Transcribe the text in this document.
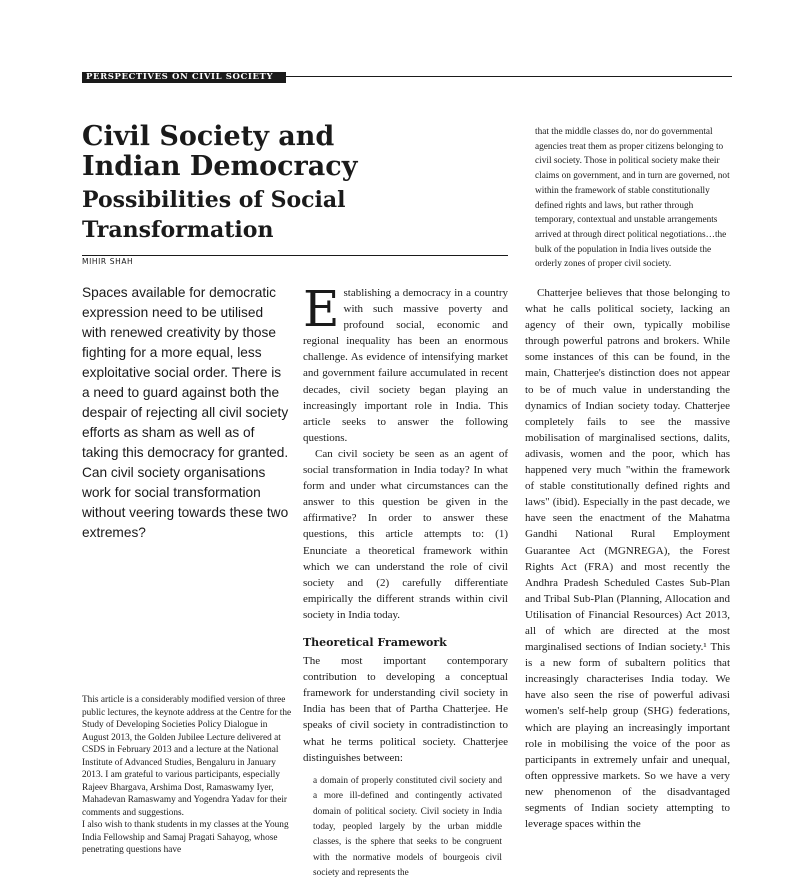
PERSPECTIVES ON CIVIL SOCIETY
Civil Society and
Indian Democracy
Possibilities of Social Transformation
MIHIR SHAH

Spaces available for democratic expression need to be utilised with renewed creativity by those fighting for a more equal, less exploitative social order. There is a need to guard against both the despair of rejecting all civil society efforts as sham as well as of taking this democracy for granted. Can civil society organisations work for social transformation without veering towards these two extremes?

This article is a considerably modified version of three public lectures, the keynote address at the Centre for the Study of Developing Societies Policy Dialogue in August 2013, the Golden Jubilee Lecture delivered at CSDS in February 2013 and a lecture at the National Institute of Advanced Studies, Bengaluru in January 2013. I am grateful to various participants, especially Rajeev Bhargava, Arshima Dost, Ramaswamy Iyer, Mahadevan Ramaswamy and Yogendra Yadav for their comments and suggestions.

I also wish to thank students in my classes at the Young India Fellowship and Samaj Pragati Sahayog, whose penetrating questions have

Establishing a democracy in a country with such massive poverty and profound social, economic and regional inequality has been an enormous challenge. As evidence of intensifying market and government failure accumulated in recent decades, civil society began playing an increasingly important role in India. This article seeks to answer the following questions.

Can civil society be seen as an agent of social transformation in India today? In what form and under what circumstances can the answer to this question be given in the affirmative? In order to answer these questions, this article attempts to: (1) Enunciate a theoretical framework within which we can understand the role of civil society and (2) carefully differentiate empirically the different strands within civil society in India today.

Theoretical Framework

The most important contemporary contribution to developing a conceptual framework for understanding civil society in India has been that of Partha Chatterjee. He speaks of civil society in contradistinction to what he terms political society. Chatterjee distinguishes between:

a domain of properly constituted civil society and a more ill-defined and contingently activated domain of political society. Civil society in India today, peopled largely by the urban middle classes, is the sphere that seeks to be congruent with the normative models of bourgeois civil society and represents the
that the middle classes do, nor do governmental agencies treat them as proper citizens belonging to civil society. Those in political society make their claims on government, and in turn are governed, not within the framework of stable constitutionally defined rights and laws, but rather through temporary, contextual and unstable arrangements arrived at through direct political negotiations…the bulk of the population in India lives outside the orderly zones of proper civil society.

Chatterjee believes that those belonging to what he calls political society, lacking an agency of their own, typically mobilise through powerful patrons and brokers. While some instances of this can be found, in the main, Chatterjee's distinction does not appear to be of much value in understanding the dynamics of Indian society today. Chatterjee completely fails to see the massive mobilisation of marginalised sections, dalits, adivasis, women and the poor, which has happened very much "within the framework of stable constitutionally defined rights and laws" (ibid). Especially in the past decade, we have seen the enactment of the Mahatma Gandhi National Rural Employment Guarantee Act (MGNREGA), the Forest Rights Act (FRA) and most recently the Andhra Pradesh Scheduled Castes Sub-Plan and Tribal Sub-Plan (Planning, Allocation and Utilisation of Financial Resources) Act 2013, all of which are directed at the most marginalised sections of Indian society.¹ This is a new form of subaltern politics that increasingly characterises India today. We have also seen the rise of powerful adivasi women's self-help group (SHG) federations, which are playing an increasingly important role in mobilising the voice of the poor as participants in extremely unfair and unequal, often oppressive markets. So we have a very new phenomenon of the disadvantaged segments of Indian society attempting to leverage spaces within the
